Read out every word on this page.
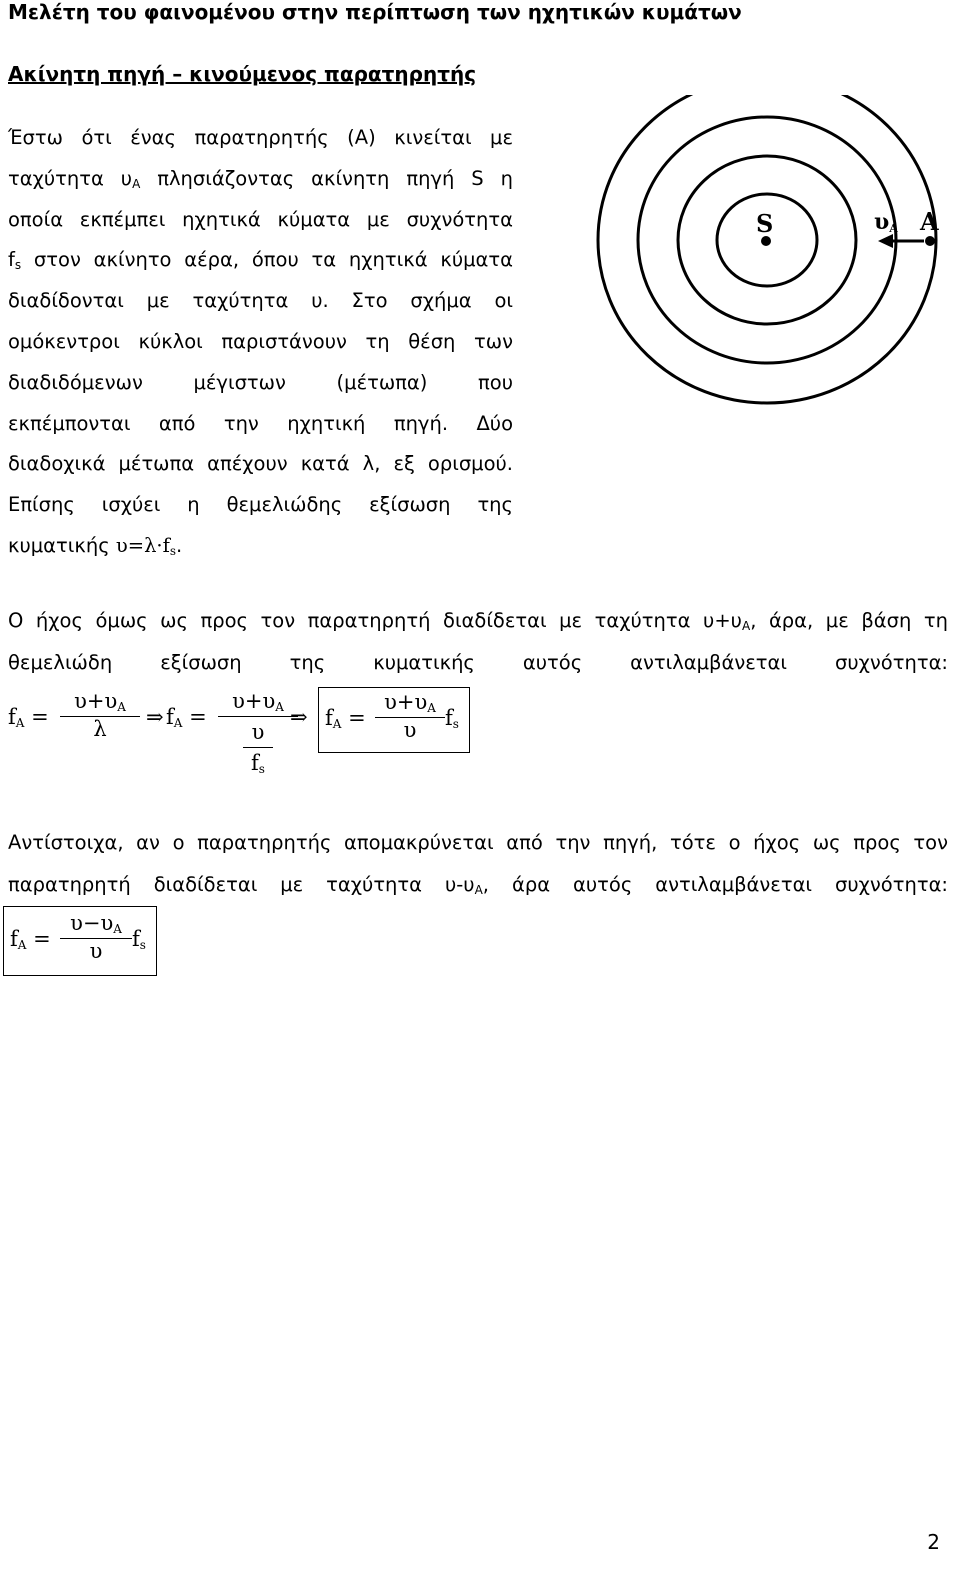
Μελέτη του φαινομένου στην περίπτωση των ηχητικών κυμάτων
Ακίνητη πηγή – κινούμενος παρατηρητής
Έστω ότι ένας παρατηρητής (Α) κινείται με
ταχύτητα $\upsilon_A$ πλησιάζοντας ακίνητη πηγή S η
οποία εκπέμπει ηχητικά κύματα με συχνότητα
$f_s$ στον ακίνητο αέρα, όπου τα ηχητικά κύματα
διαδίδονται με ταχύτητα υ. Στο σχήμα οι
ομόκεντροι κύκλοι παριστάνουν τη θέση των
διαδιδόμενων μέγιστων (μέτωπα) που
εκπέμπονται από την ηχητική πηγή. Δύο
διαδοχικά μέτωπα απέχουν κατά λ, εξ ορισμού.
Επίσης ισχύει η θεμελιώδης εξίσωση της
κυματικής $\upsilon=\lambda\cdot f_s$.
S	A
υA
Ο ήχος όμως ως προς τον παρατηρητή διαδίδεται με ταχύτητα $\upsilon+\upsilon_A$, άρα, με βάση τη
θεμελιώδη εξίσωση της κυματικής αυτός αντιλαμβάνεται συχνότητα:
$f_A = \frac{\upsilon+\upsilon_A}{\lambda}$ ⇒ $f_A = \upsilon+\upsilon_A$
υ
$f_s$
⇒ $f_A = \frac{\upsilon+\upsilon_A}{\upsilon} f_s$
Αντίστοιχα, αν ο παρατηρητής απομακρύνεται από την πηγή, τότε ο ήχος ως προς τον
παρατηρητή διαδίδεται με ταχύτητα $\upsilon-\upsilon_A$, άρα αυτός αντιλαμβάνεται συχνότητα:
$f_A = \frac{\upsilon-\upsilon_A}{\upsilon} f_s$
2
